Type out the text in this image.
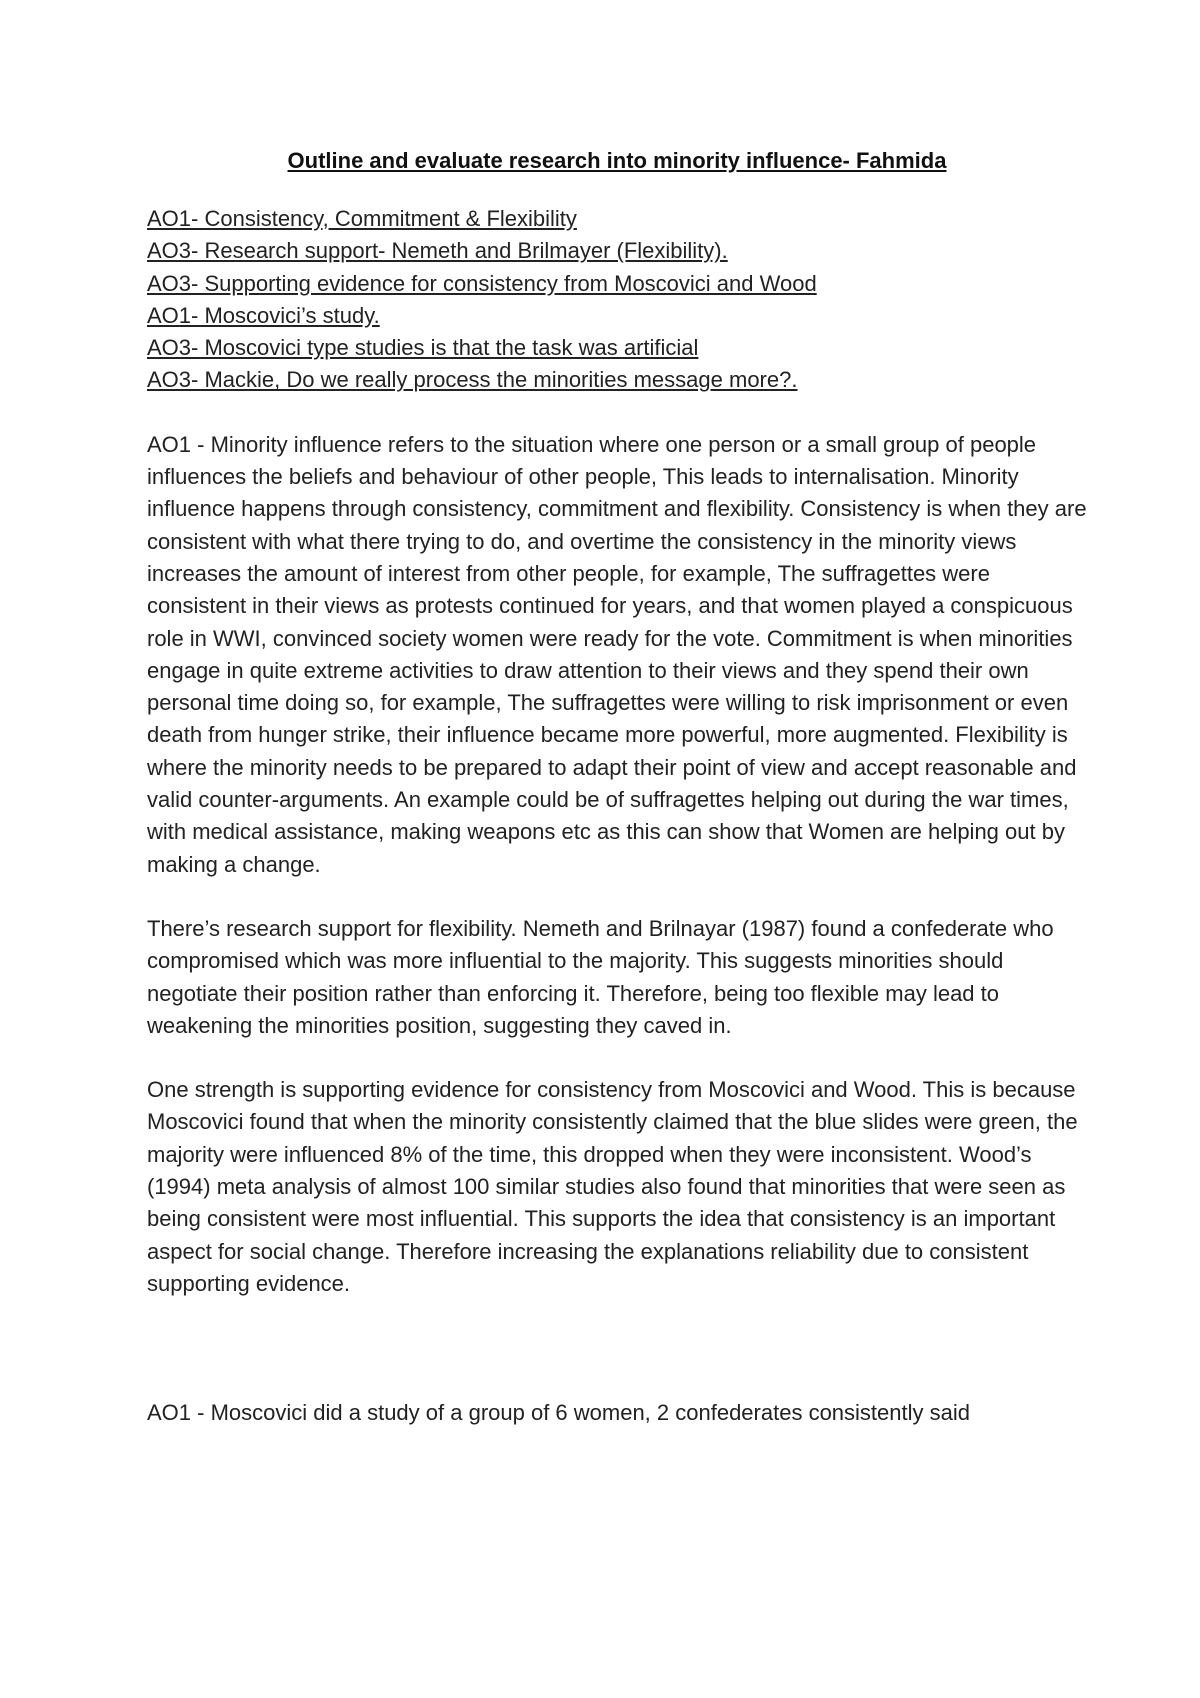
Outline and evaluate research into minority influence- Fahmida
AO1- Consistency, Commitment & Flexibility
AO3- Research support- Nemeth and Brilmayer (Flexibility).
AO3- Supporting evidence for consistency from Moscovici and Wood
AO1- Moscovici’s study.
AO3- Moscovici type studies is that the task was artificial
AO3- Mackie, Do we really process the minorities message more?.

AO1 - Minority influence refers to the situation where one person or a small group of people influences the beliefs and behaviour of other people, This leads to internalisation. Minority influence happens through consistency, commitment and flexibility. Consistency is when they are consistent with what there trying to do, and overtime the consistency in the minority views increases the amount of interest from other people, for example, The suffragettes were consistent in their views as protests continued for years, and that women played a conspicuous role in WWI, convinced society women were ready for the vote. Commitment is when minorities engage in quite extreme activities to draw attention to their views and they spend their own personal time doing so, for example, The suffragettes were willing to risk imprisonment or even death from hunger strike, their influence became more powerful, more augmented. Flexibility is where the minority needs to be prepared to adapt their point of view and accept reasonable and valid counter-arguments. An example could be of suffragettes helping out during the war times, with medical assistance, making weapons etc as this can show that Women are helping out by making a change.

There’s research support for flexibility. Nemeth and Brilnayar (1987) found a confederate who compromised which was more influential to the majority. This suggests minorities should negotiate their position rather than enforcing it. Therefore, being too flexible may lead to weakening the minorities position, suggesting they caved in.

One strength is supporting evidence for consistency from Moscovici and Wood. This is because Moscovici found that when the minority consistently claimed that the blue slides were green, the majority were influenced 8% of the time, this dropped when they were inconsistent. Wood’s (1994) meta analysis of almost 100 similar studies also found that minorities that were seen as being consistent were most influential. This supports the idea that consistency is an important aspect for social change. Therefore increasing the explanations reliability due to consistent supporting evidence.

AO1 - Moscovici did a study of a group of 6 women, 2 confederates consistently said
